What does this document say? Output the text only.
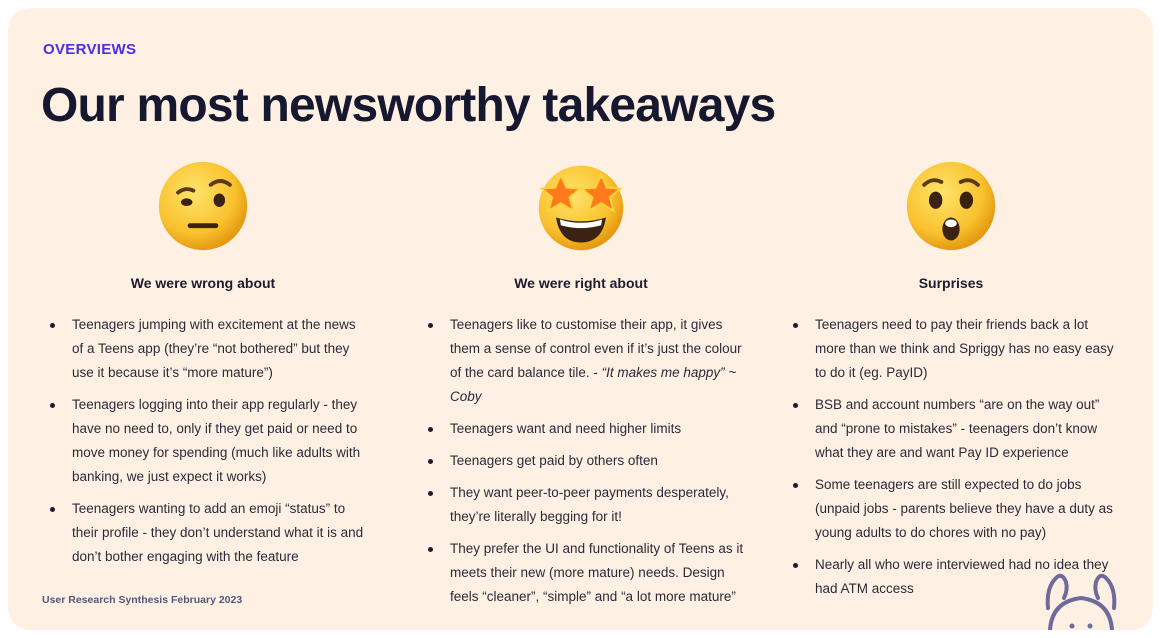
OVERVIEWS
Our most newsworthy takeaways
We were wrong about
Teenagers jumping with excitement at the news of a Teens app (they’re “not bothered” but they use it because it’s “more mature”)
Teenagers logging into their app regularly - they have no need to, only if they get paid or need to move money for spending (much like adults with banking, we just expect it works)
Teenagers wanting to add an emoji “status” to their profile - they don’t understand what it is and don’t bother engaging with the feature
We were right about
Teenagers like to customise their app, it gives them a sense of control even if it’s just the colour of the card balance tile. - “It makes me happy” ~ Coby
Teenagers want and need higher limits
Teenagers get paid by others often
They want peer-to-peer payments desperately, they’re literally begging for it!
They prefer the UI and functionality of Teens as it meets their new (more mature) needs. Design feels “cleaner”, “simple” and “a lot more mature”
Surprises
Teenagers need to pay their friends back a lot more than we think and Spriggy has no easy easy to do it (eg. PayID)
BSB and account numbers “are on the way out” and “prone to mistakes” - teenagers don’t know what they are and want Pay ID experience
Some teenagers are still expected to do jobs (unpaid jobs - parents believe they have a duty as young adults to do chores with no pay)
Nearly all who were interviewed had no idea they had ATM access
User Research Synthesis February 2023
